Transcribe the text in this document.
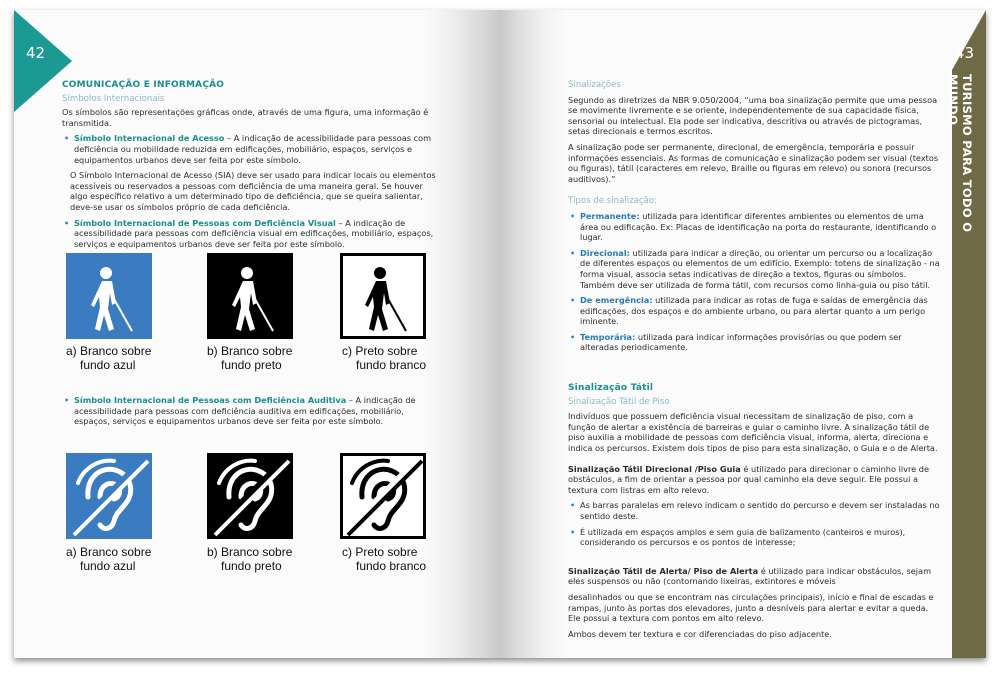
42
COMUNICAÇÃO E INFORMAÇÃO
Símbolos Internacionais
Os símbolos são representações gráficas onde, através de uma figura, uma informação é transmitida.
• Símbolo Internacional de Acesso – A indicação de acessibilidade para pessoas com deficiência ou mobilidade reduzida em edificações, mobiliário, espaços, serviços e equipamentos urbanos deve ser feita por este símbolo.
O Símbolo Internacional de Acesso (SIA) deve ser usado para indicar locais ou elementos acessíveis ou reservados a pessoas com deficiência de uma maneira geral. Se houver algo específico relativo a um determinado tipo de deficiência, que se queira salientar, deve-se usar os símbolos próprio de cada deficiência.
• Símbolo Internacional de Pessoas com Deficiência Visual – A indicação de acessibilidade para pessoas com deficiência visual em edificações, mobiliário, espaços, serviços e equipamentos urbanos deve ser feita por este símbolo.
a) Branco sobre
fundo azul
b) Branco sobre
fundo preto
c) Preto sobre
fundo branco
• Símbolo Internacional de Pessoas com Deficiência Auditiva – A indicação de acessibilidade para pessoas com deficiência auditiva em edificações, mobiliário, espaços, serviços e equipamentos urbanos deve ser feita por este símbolo.
a) Branco sobre
fundo azul
b) Branco sobre
fundo preto
c) Preto sobre
fundo branco
43
TURISMO PARA TODO O MUNDO
Sinalizações
Segundo as diretrizes da NBR 9.050/2004, “uma boa sinalização permite que uma pessoa se movimente livremente e se oriente, independentemente de sua capacidade física, sensorial ou intelectual. Ela pode ser indicativa, descritiva ou através de pictogramas, setas direcionais e termos escritos.
A sinalização pode ser permanente, direcional, de emergência, temporária e possuir informações essenciais. As formas de comunicação e sinalização podem ser visual (textos ou figuras), tátil (caracteres em relevo, Braille ou figuras em relevo) ou sonora (recursos auditivos).”
Tipos de sinalização:
• Permanente: utilizada para identificar diferentes ambientes ou elementos de uma área ou edificação. Ex: Placas de identificação na porta do restaurante, identificando o lugar.
• Direcional: utilizada para indicar a direção, ou orientar um percurso ou a localização de diferentes espaços ou elementos de um edifício. Exemplo: totens de sinalização - na forma visual, associa setas indicativas de direção a textos, figuras ou símbolos. Também deve ser utilizada de forma tátil, com recursos como linha-guia ou piso tátil.
• De emergência: utilizada para indicar as rotas de fuga e saídas de emergência das edificações, dos espaços e do ambiente urbano, ou para alertar quanto a um perigo iminente.
• Temporária: utilizada para indicar informações provisórias ou que podem ser alteradas periodicamente.
Sinalização Tátil
Sinalização Tátil de Piso
Indivíduos que possuem deficiência visual necessitam de sinalização de piso, com a função de alertar a existência de barreiras e guiar o caminho livre. A sinalização tátil de piso auxilia a mobilidade de pessoas com deficiência visual, informa, alerta, direciona e indica os percursos. Existem dois tipos de piso para esta sinalização, o Guia e o de Alerta.
Sinalização Tátil Direcional /Piso Guia é utilizado para direcionar o caminho livre de obstáculos, a fim de orientar a pessoa por qual caminho ela deve seguir. Ele possui a textura com listras em alto relevo.
• As barras paralelas em relevo indicam o sentido do percurso e devem ser instaladas no sentido deste.
• É utilizada em espaços amplos e sem guia de balizamento (canteiros e muros), considerando os percursos e os pontos de interesse;
Sinalização Tátil de Alerta/ Piso de Alerta é utilizado para indicar obstáculos, sejam eles suspensos ou não (contornando lixeiras, extintores e móveis
desalinhados ou que se encontram nas circulações principais), início e final de escadas e rampas, junto às portas dos elevadores, junto a desníveis para alertar e evitar a queda. Ele possui a textura com pontos em alto relevo.
Ambos devem ter textura e cor diferenciadas do piso adjacente.
